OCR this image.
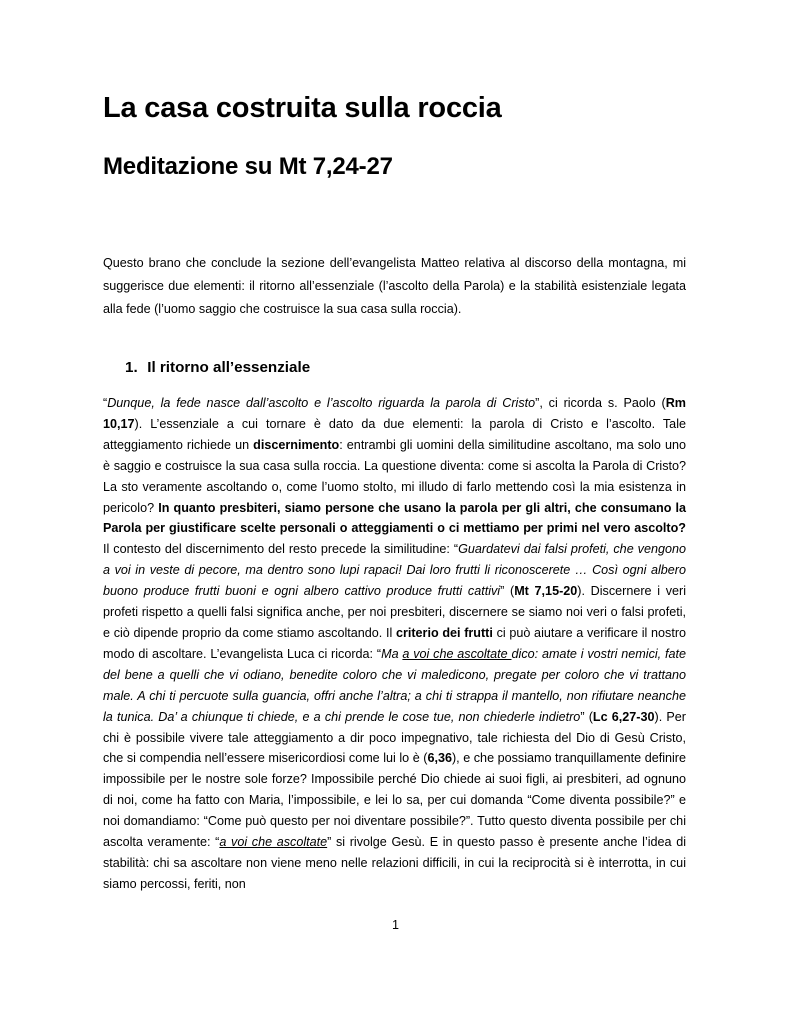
La casa costruita sulla roccia
Meditazione su Mt 7,24-27

Questo brano che conclude la sezione dell’evangelista Matteo relativa al discorso della montagna, mi suggerisce due elementi: il ritorno all’essenziale (l’ascolto della Parola) e la stabilità esistenziale legata alla fede (l’uomo saggio che costruisce la sua casa sulla roccia).

1. Il ritorno all’essenziale

“Dunque, la fede nasce dall’ascolto e l’ascolto riguarda la parola di Cristo”, ci ricorda s. Paolo (Rm 10,17). L’essenziale a cui tornare è dato da due elementi: la parola di Cristo e l’ascolto. Tale atteggiamento richiede un discernimento: entrambi gli uomini della similitudine ascoltano, ma solo uno è saggio e costruisce la sua casa sulla roccia. La questione diventa: come si ascolta la Parola di Cristo? La sto veramente ascoltando o, come l’uomo stolto, mi illudo di farlo mettendo così la mia esistenza in pericolo? In quanto presbiteri, siamo persone che usano la parola per gli altri, che consumano la Parola per giustificare scelte personali o atteggiamenti o ci mettiamo per primi nel vero ascolto? Il contesto del discernimento del resto precede la similitudine: “Guardatevi dai falsi profeti, che vengono a voi in veste di pecore, ma dentro sono lupi rapaci! Dai loro frutti li riconoscerete … Così ogni albero buono produce frutti buoni e ogni albero cattivo produce frutti cattivi” (Mt 7,15-20). Discernere i veri profeti rispetto a quelli falsi significa anche, per noi presbiteri, discernere se siamo noi veri o falsi profeti, e ciò dipende proprio da come stiamo ascoltando. Il criterio dei frutti ci può aiutare a verificare il nostro modo di ascoltare. L’evangelista Luca ci ricorda: “Ma a voi che ascoltate dico: amate i vostri nemici, fate del bene a quelli che vi odiano, benedite coloro che vi maledicono, pregate per coloro che vi trattano male. A chi ti percuote sulla guancia, offri anche l’altra; a chi ti strappa il mantello, non rifiutare neanche la tunica. Da’ a chiunque ti chiede, e a chi prende le cose tue, non chiederle indietro” (Lc 6,27-30). Per chi è possibile vivere tale atteggiamento a dir poco impegnativo, tale richiesta del Dio di Gesù Cristo, che si compendia nell’essere misericordiosi come lui lo è (6,36), e che possiamo tranquillamente definire impossibile per le nostre sole forze? Impossibile perché Dio chiede ai suoi figli, ai presbiteri, ad ognuno di noi, come ha fatto con Maria, l’impossibile, e lei lo sa, per cui domanda “Come diventa possibile?” e noi domandiamo: “Come può questo per noi diventare possibile?”. Tutto questo diventa possibile per chi ascolta veramente: “a voi che ascoltate” si rivolge Gesù. E in questo passo è presente anche l’idea di stabilità: chi sa ascoltare non viene meno nelle relazioni difficili, in cui la reciprocità si è interrotta, in cui siamo percossi, feriti, non

1
